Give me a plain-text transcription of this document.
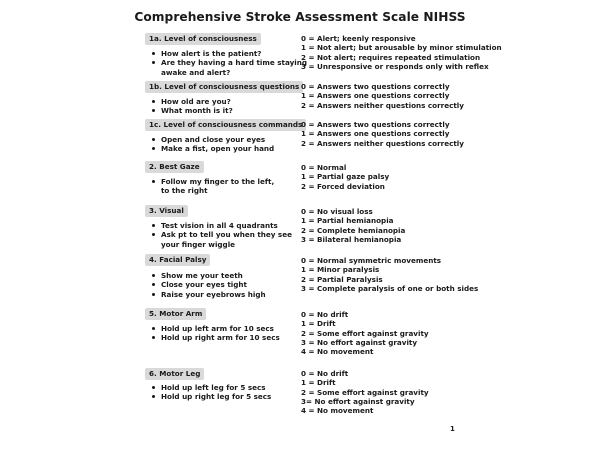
Comprehensive Stroke Assessment Scale NIHSS
1a. Level of consciousness
How alert is the patient?
Are they having a hard time staying
awake and alert?
0 = Alert; keenly responsive
1 = Not alert; but arousable by minor stimulation
2 = Not alert; requires repeated stimulation
3 = Unresponsive or responds only with reflex
1b. Level of consciousness questions
How old are you?
What month is it?
0 = Answers two questions correctly
1 = Answers one questions correctly
2 = Answers neither questions correctly
1c. Level of consciousness commands
Open and close your eyes
Make a fist, open your hand
0 = Answers two questions correctly
1 = Answers one questions correctly
2 = Answers neither questions correctly
2. Best Gaze
Follow my finger to the left,
to the right
0 = Normal
1 = Partial gaze palsy
2 = Forced deviation
3. Visual
Test vision in all 4 quadrants
Ask pt to tell you when they see
your finger wiggle
0 = No visual loss
1 = Partial hemianopia
2 = Complete hemianopia
3 = Bilateral hemianopia
4. Facial Palsy
Show me your teeth
Close your eyes tight
Raise your eyebrows high
0 = Normal symmetric movements
1 = Minor paralysis
2 = Partial Paralysis
3 = Complete paralysis of one or both sides
5. Motor Arm
Hold up left arm for 10 secs
Hold up right arm for 10 secs
0 = No drift
1 = Drift
2 = Some effort against gravity
3 = No effort against gravity
4 = No movement
6. Motor Leg
Hold up left leg for 5 secs
Hold up right leg for 5 secs
0 = No drift
1 = Drift
2 = Some effort against gravity
3= No effort against gravity
4 = No movement
1
